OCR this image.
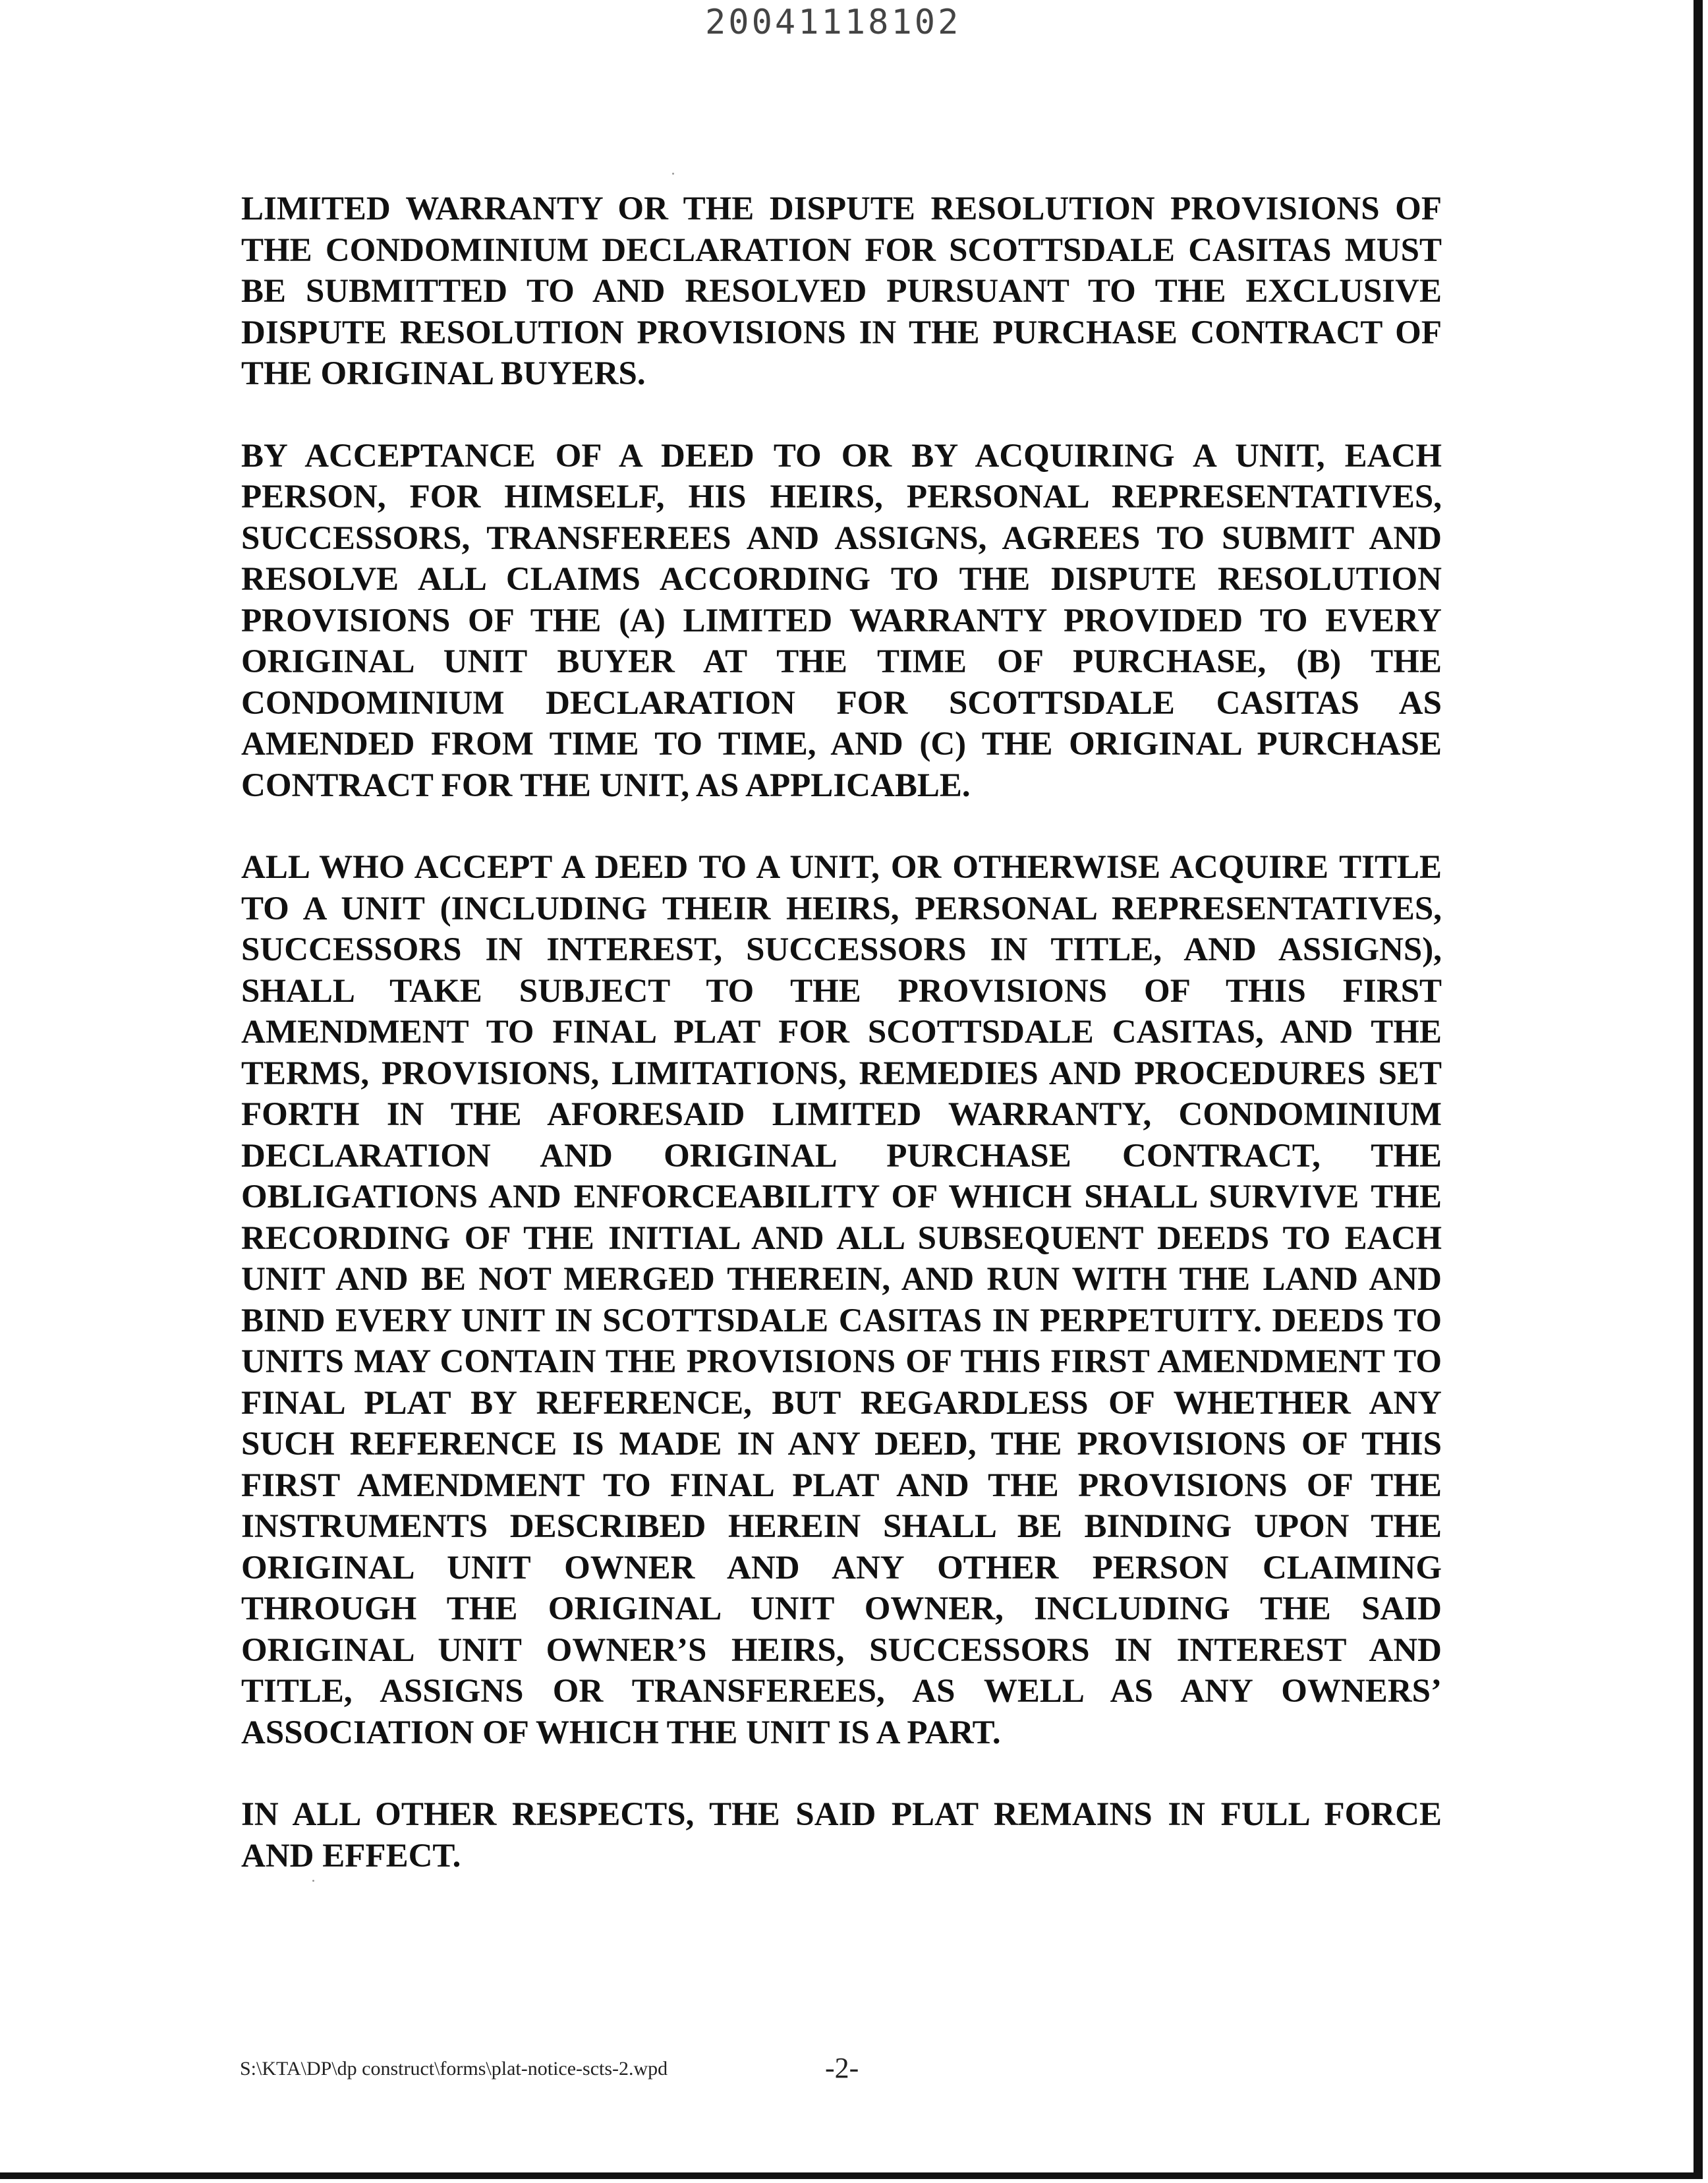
20041118102

LIMITED WARRANTY OR THE DISPUTE RESOLUTION PROVISIONS OF THE CONDOMINIUM DECLARATION FOR SCOTTSDALE CASITAS MUST BE SUBMITTED TO AND RESOLVED PURSUANT TO THE EXCLUSIVE DISPUTE RESOLUTION PROVISIONS IN THE PURCHASE CONTRACT OF THE ORIGINAL BUYERS.

BY ACCEPTANCE OF A DEED TO OR BY ACQUIRING A UNIT, EACH PERSON, FOR HIMSELF, HIS HEIRS, PERSONAL REPRESENTATIVES, SUCCESSORS, TRANSFEREES AND ASSIGNS, AGREES TO SUBMIT AND RESOLVE ALL CLAIMS ACCORDING TO THE DISPUTE RESOLUTION PROVISIONS OF THE (A) LIMITED WARRANTY PROVIDED TO EVERY ORIGINAL UNIT BUYER AT THE TIME OF PURCHASE, (B) THE CONDOMINIUM DECLARATION FOR SCOTTSDALE CASITAS AS AMENDED FROM TIME TO TIME, AND (C) THE ORIGINAL PURCHASE CONTRACT FOR THE UNIT, AS APPLICABLE.

ALL WHO ACCEPT A DEED TO A UNIT, OR OTHERWISE ACQUIRE TITLE TO A UNIT (INCLUDING THEIR HEIRS, PERSONAL REPRESENTATIVES, SUCCESSORS IN INTEREST, SUCCESSORS IN TITLE, AND ASSIGNS), SHALL TAKE SUBJECT TO THE PROVISIONS OF THIS FIRST AMENDMENT TO FINAL PLAT FOR SCOTTSDALE CASITAS, AND THE TERMS, PROVISIONS, LIMITATIONS, REMEDIES AND PROCEDURES SET FORTH IN THE AFORESAID LIMITED WARRANTY, CONDOMINIUM DECLARATION AND ORIGINAL PURCHASE CONTRACT, THE OBLIGATIONS AND ENFORCEABILITY OF WHICH SHALL SURVIVE THE RECORDING OF THE INITIAL AND ALL SUBSEQUENT DEEDS TO EACH UNIT AND BE NOT MERGED THEREIN, AND RUN WITH THE LAND AND BIND EVERY UNIT IN SCOTTSDALE CASITAS IN PERPETUITY. DEEDS TO UNITS MAY CONTAIN THE PROVISIONS OF THIS FIRST AMENDMENT TO FINAL PLAT BY REFERENCE, BUT REGARDLESS OF WHETHER ANY SUCH REFERENCE IS MADE IN ANY DEED, THE PROVISIONS OF THIS FIRST AMENDMENT TO FINAL PLAT AND THE PROVISIONS OF THE INSTRUMENTS DESCRIBED HEREIN SHALL BE BINDING UPON THE ORIGINAL UNIT OWNER AND ANY OTHER PERSON CLAIMING THROUGH THE ORIGINAL UNIT OWNER, INCLUDING THE SAID ORIGINAL UNIT OWNER’S HEIRS, SUCCESSORS IN INTEREST AND TITLE, ASSIGNS OR TRANSFEREES, AS WELL AS ANY OWNERS’ ASSOCIATION OF WHICH THE UNIT IS A PART.

IN ALL OTHER RESPECTS, THE SAID PLAT REMAINS IN FULL FORCE AND EFFECT.

S:\KTA\DP\dp construct\forms\plat-notice-scts-2.wpd	-2-
